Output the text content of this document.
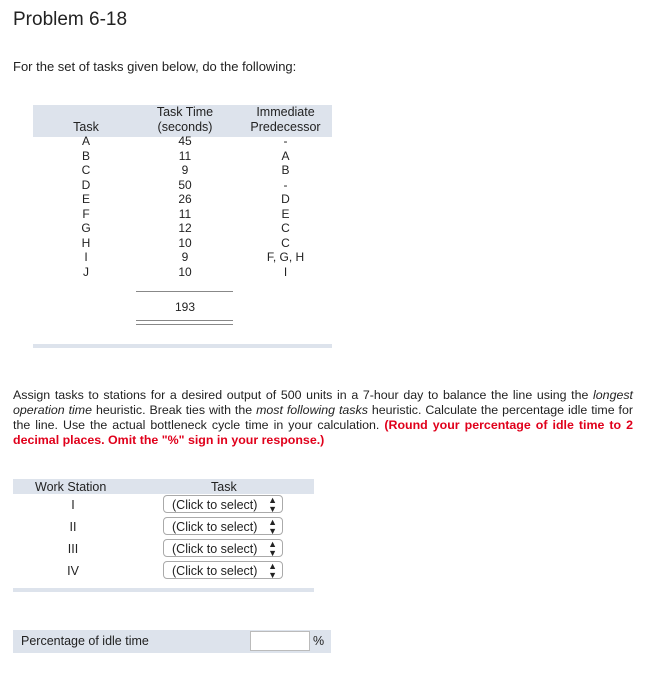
Problem 6-18
For the set of tasks given below, do the following:
Task
Task Time
(seconds)
Immediate
Predecessor
A	45	-
B	11	A
C	9	B
D	50	-
E	26	D
F	11	E
G	12	C
H	10	C
I	9	F, G, H
J	10	I
193
Assign tasks to stations for a desired output of 500 units in a 7-hour day to balance the line using the longest operation time heuristic. Break ties with the most following tasks heuristic. Calculate the percentage idle time for the line. Use the actual bottleneck cycle time in your calculation. (Round your percentage of idle time to 2 decimal places. Omit the "%" sign in your response.)
Work Station	Task
I	(Click to select) ▲
▼
II	(Click to select) ▲
▼
III	(Click to select) ▲
▼
IV	(Click to select) ▲
▼
Percentage of idle time	%
